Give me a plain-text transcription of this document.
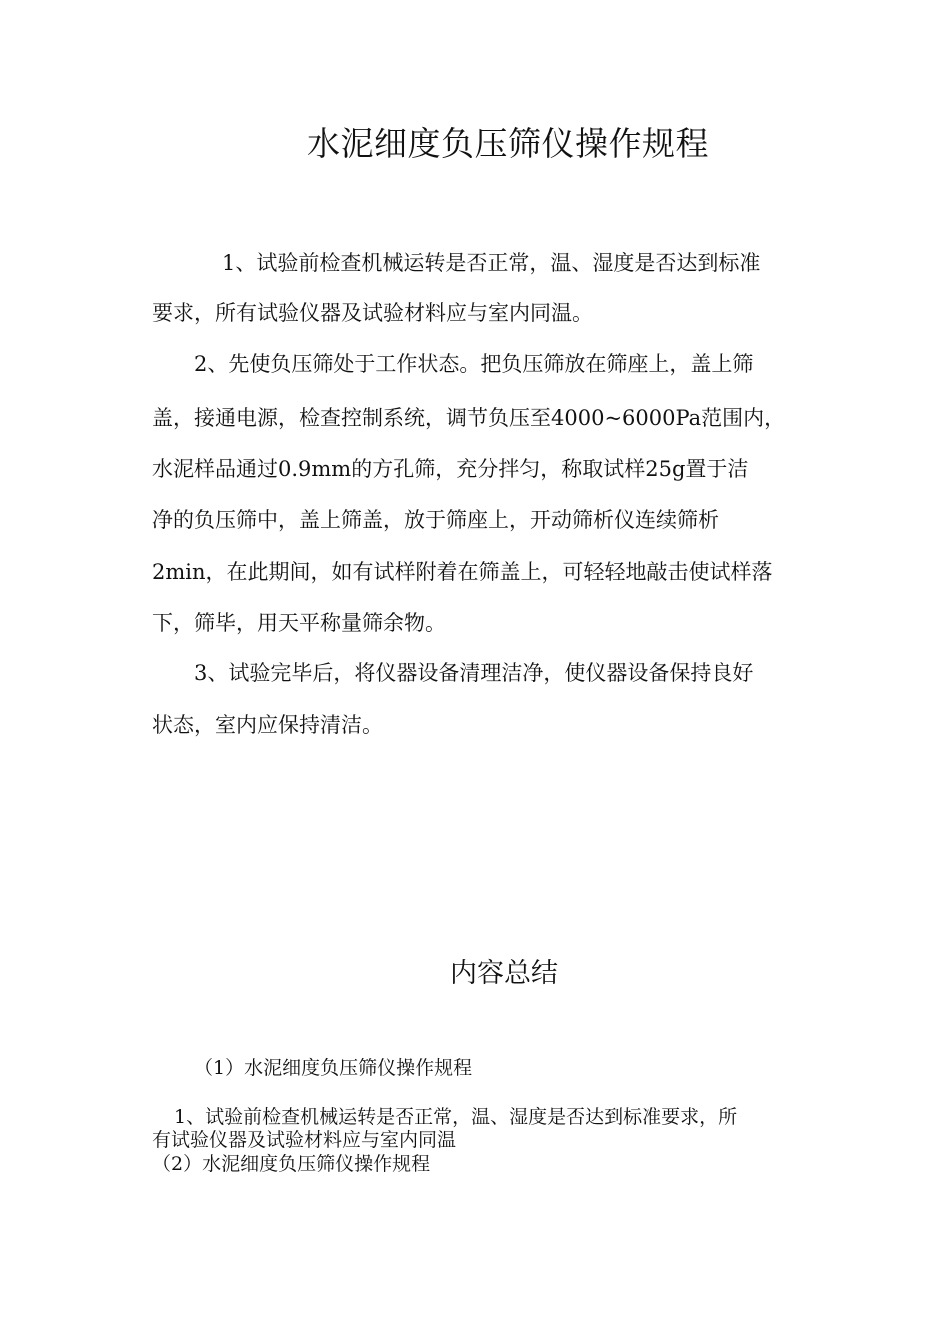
水泥细度负压筛仪操作规程
1、试验前检查机械运转是否正常，温、湿度是否达到标准
要求，所有试验仪器及试验材料应与室内同温。
2、先使负压筛处于工作状态。把负压筛放在筛座上，盖上筛
盖，接通电源，检查控制系统，调节负压至4000~6000Pa范围内，
水泥样品通过0.9mm的方孔筛，充分拌匀，称取试样25g置于洁
净的负压筛中，盖上筛盖，放于筛座上，开动筛析仪连续筛析
2min，在此期间，如有试样附着在筛盖上，可轻轻地敲击使试样落
下，筛毕，用天平称量筛余物。
3、试验完毕后，将仪器设备清理洁净，使仪器设备保持良好
状态，室内应保持清洁。
内容总结
（1）水泥细度负压筛仪操作规程
1、试验前检查机械运转是否正常，温、湿度是否达到标准要求，所
有试验仪器及试验材料应与室内同温
（2）水泥细度负压筛仪操作规程
